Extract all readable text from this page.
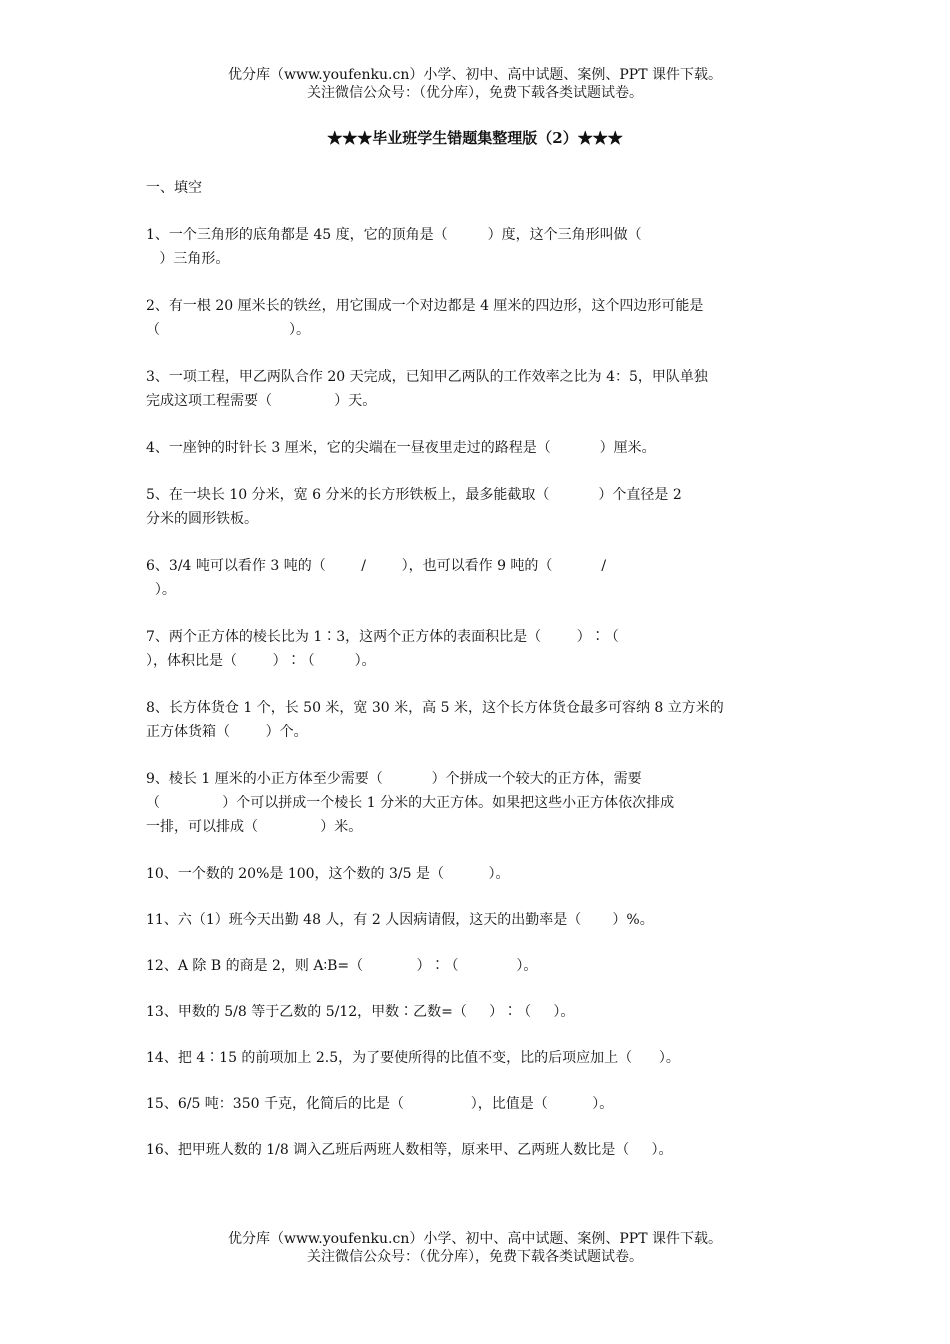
优分库（www.youfenku.cn）小学、初中、高中试题、案例、PPT 课件下载。
关注微信公众号：（优分库），免费下载各类试题试卷。
★★★毕业班学生错题集整理版（2）★★★
一、填空
1、一个三角形的底角都是 45 度，它的顶角是（         ）度，这个三角形叫做（
）三角形。
2、有一根 20 厘米长的铁丝，用它围成一个对边都是 4 厘米的四边形，这个四边形可能是
（                             ）。
3、一项工程，甲乙两队合作 20 天完成，已知甲乙两队的工作效率之比为 4：5，甲队单独
完成这项工程需要（              ）天。
4、一座钟的时针长 3 厘米，它的尖端在一昼夜里走过的路程是（           ）厘米。
5、在一块长 10 分米，宽 6 分米的长方形铁板上，最多能截取（           ）个直径是 2
分米的圆形铁板。
6、3/4 吨可以看作 3 吨的（        /        ），也可以看作 9 吨的（           /
）。
7、两个正方体的棱长比为 1∶3，这两个正方体的表面积比是（        ）∶（
），体积比是（        ）∶（         ）。
8、长方体货仓 1 个，长 50 米，宽 30 米，高 5 米，这个长方体货仓最多可容纳 8 立方米的
正方体货箱（        ）个。
9、棱长 1 厘米的小正方体至少需要（           ）个拼成一个较大的正方体，需要
（              ）个可以拼成一个棱长 1 分米的大正方体。如果把这些小正方体依次排成
一排，可以排成（              ）米。
10、一个数的 20%是 100，这个数的 3/5 是（          ）。
11、六（1）班今天出勤 48 人，有 2 人因病请假，这天的出勤率是（       ）%。
12、A 除 B 的商是 2，则 A∶B=（            ）∶（             ）。
13、甲数的 5/8 等于乙数的 5/12，甲数∶乙数=（     ）∶（     ）。
14、把 4∶15 的前项加上 2.5，为了要使所得的比值不变，比的后项应加上（      ）。
15、6/5 吨：350 千克，化简后的比是（               ），比值是（          ）。
16、把甲班人数的 1/8 调入乙班后两班人数相等，原来甲、乙两班人数比是（     ）。
优分库（www.youfenku.cn）小学、初中、高中试题、案例、PPT 课件下载。
关注微信公众号：（优分库），免费下载各类试题试卷。
